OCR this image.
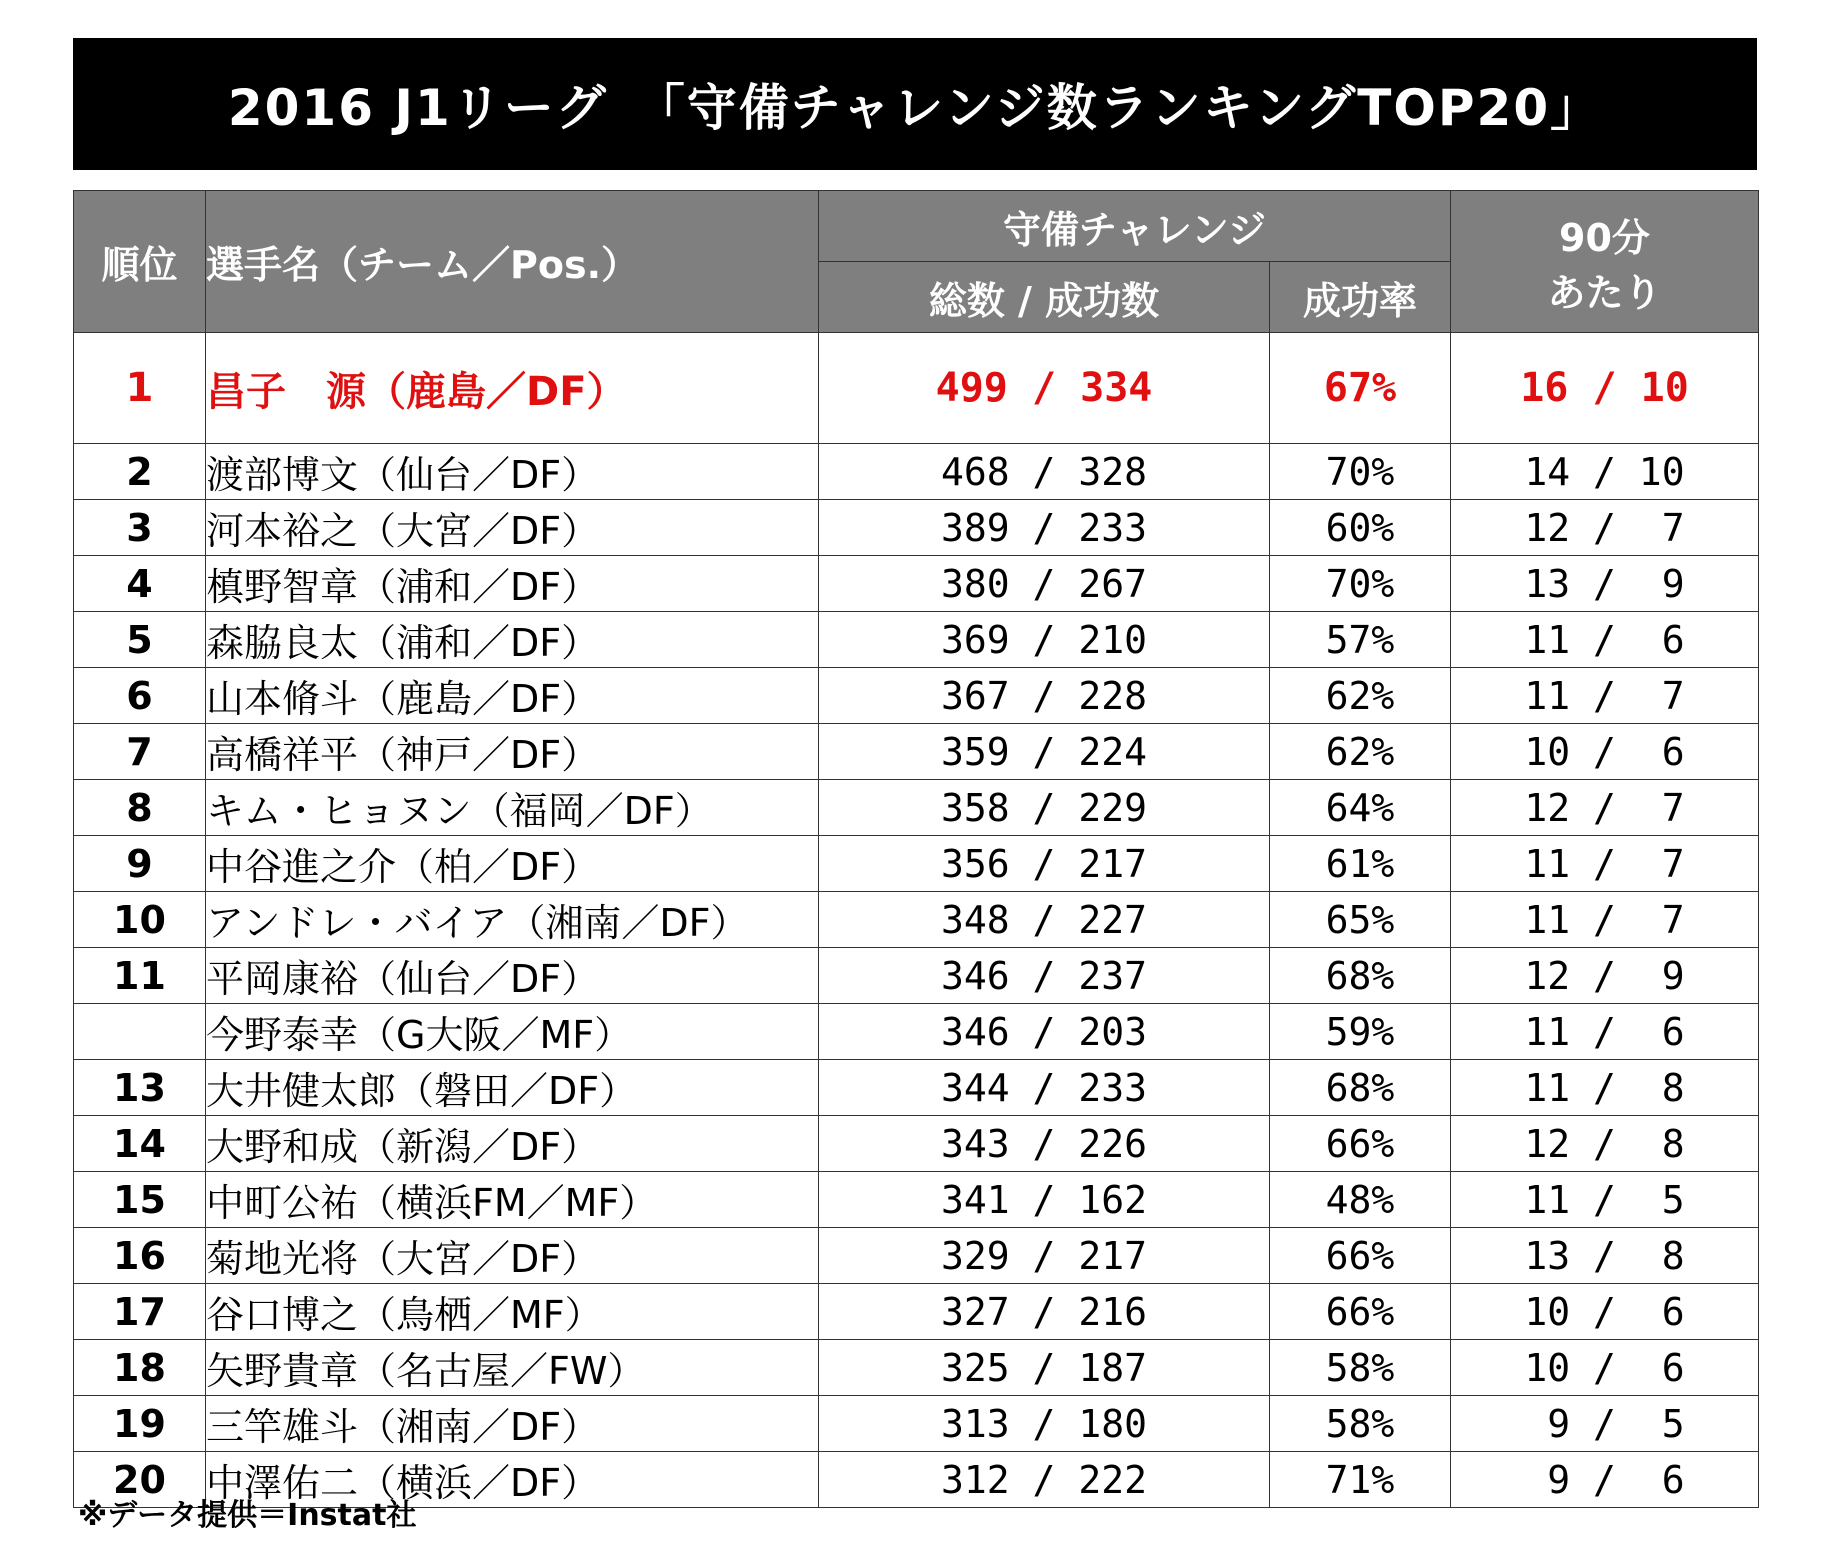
2016 J1リーグ　「守備チャレンジ数ランキングTOP20」
順位	選手名（チーム／Pos.）	守備チャレンジ		90分
あたり

		総数 / 成功数	成功率	
1	昌子　源（鹿島／DF）	499 / 334	67%	16 / 10
2	渡部博文（仙台／DF）	468 / 328	70%	14 / 10
3	河本裕之（大宮／DF）	389 / 233	60%	12 /  7
4	槙野智章（浦和／DF）	380 / 267	70%	13 /  9
5	森脇良太（浦和／DF）	369 / 210	57%	11 /  6
6	山本脩斗（鹿島／DF）	367 / 228	62%	11 /  7
7	高橋祥平（神戸／DF）	359 / 224	62%	10 /  6
8	キム・ヒョヌン（福岡／DF）	358 / 229	64%	12 /  7
9	中谷進之介（柏／DF）	356 / 217	61%	11 /  7
10	アンドレ・バイア（湘南／DF）	348 / 227	65%	11 /  7
11	平岡康裕（仙台／DF）	346 / 237	68%	12 /  9
	今野泰幸（G大阪／MF）	346 / 203	59%	11 /  6
13	大井健太郎（磐田／DF）	344 / 233	68%	11 /  8
14	大野和成（新潟／DF）	343 / 226	66%	12 /  8
15	中町公祐（横浜FM／MF）	341 / 162	48%	11 /  5
16	菊地光将（大宮／DF）	329 / 217	66%	13 /  8
17	谷口博之（鳥栖／MF）	327 / 216	66%	10 /  6
18	矢野貴章（名古屋／FW）	325 / 187	58%	10 /  6
19	三竿雄斗（湘南／DF）	313 / 180	58%	9 /  5
20	中澤佑二（横浜／DF）	312 / 222	71%	9 /  6
※データ提供＝Instat社
